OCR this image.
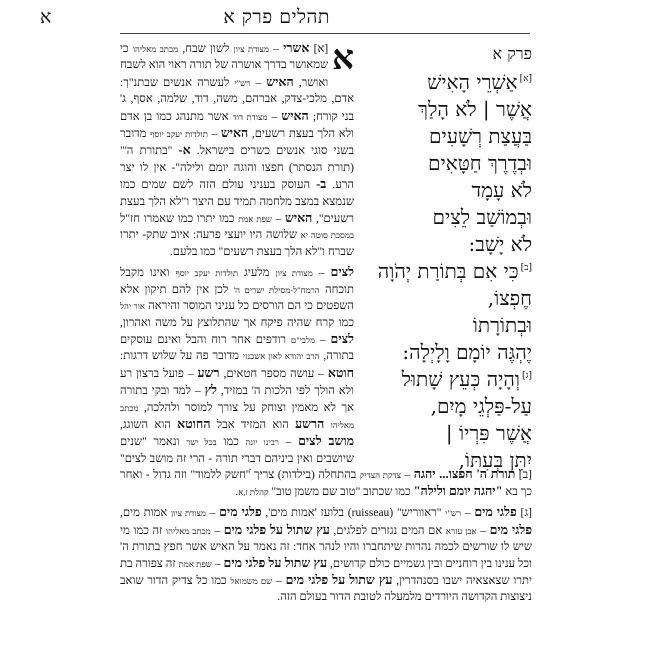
תהלים פרק א
א
פרק א
[א]אַשְׁרֵי הָאִישׁ
אֲשֶׁר | לֹא הָלַךְ
בַּעֲצַת רְשָׁעִים
וּבְדֶרֶךְ חַטָּאִים
לֹא עָמָד
וּבְמוֹשַׁב לֵצִים
לֹא יָשָׁב:
[ב]כִּי אִם בְּתוֹרַת יְהֹוָה
חֶפְצוֹ,
וּבְתוֹרָתוֹ
יֶהְגֶּה יוֹמָם וָלָיְלָה:
[ג]וְהָיָה כְּעֵץ שָׁתוּל
עַל-פַּלְגֵי מָיִם,
אֲשֶׁר פִּרְיוֹ |
יִתֵּן בְּעִתּוֹ,
א
[א] אשרי – מצודת ציון לשון שבח, מכתב מאליהו כי שמאושר בדרך אושרה של תורה ראוי הוא לשבח ואושר, האיש – רש"י לעשרה אנשים שבתנ"ך: אדם, מלכי-צדק, אברהם, משה, דוד, שלמה, אסף, ג' בני קורח; האיש – מצודת דוד אשר מתנהג כמו בן אדם ולא הלך בעצת רשעים, האיש – תולדות יעקב יוסף מדובר בשני סוגי אנשים כשרים בישראל. א- "בתורת ה'" (תורת הנסתר) חפצו והוגה יומם ולילה"- אין לו יצר הרע. ב- העוסק בעניני עולם הזה לשם שמים כמו שנמצא במצב מלחמה תמיד עם היצר ו"לא הלך בעצת רשעים", האיש – שפת אמת כמו יתרו כמו שאמרו חז"ל במסכת סוטה יא שלושה היו יועצי פרעה: איוב שתק- יתרו שברח ו"לא הלך בעצת רשעים" כמו בלעם.
לצים – מצודת ציון מלעיג תולדות יעקב יוסף ואינו מקבל תוכחה הרמח"ל-מסילת ישרים ה' לכן אין להם תיקון אלא השפטים כי הם הורסים כל עניני המוסר והיראה אור יהל כמו קרח שהיה פיקח אך שהתלוצץ על משה ואהרון, לצים – מלבי"ם רודפים אחר רוח והבל ואינם עוסקים בתורה, הרב יהודא לאון אשכנזי מדובר פה על שלוש דרגות: חוטא – עושה מספר חטאים, רשע – פועל ברצון רע ולא הולך לפי הלכות ה' במזיד, לץ – למד ובקי בתורה אך לא מאמין וצוחק על צורך למוסר ולהלכה, מכתב מאליהו הרשע הוא המזיד אבל החוטא הוא השוגג, מושב לצים – רבינו יונה כמו בכל ישר ונאמר "שנים שיושבים ואין ביניהם דברי תורה - הרי זה מושב לצים"
[ב] תורת ה' חפצו... יהגה – צדקת הצדיק בהתחלה (בילדות) צריך "חשק ללמוד" וזה גדול - ואחר כך בא "יהגה יומם ולילה" כמו שכתוב "טוב שם משמן טוב" קהלת ז,א.
[ג] פלגי מים – רש"י "ראווריש" (ruisseau) בלועז 'אמות מים', פלגי מים – מצודת ציון אמות מים, פלגי מים – אבן עזרא אם המים נגזרים לפלגים, עץ שתול על פלגי מים – מכתב מאליהו זה כמו מי שיש לו שורשים לכמה נהרות שיתחברו והיו לנהר אחד: זה נאמר על האיש אשר חפץ בתורת ה' וכל ענינו בין רוחניים ובין גשמיים כולם קדושים, עץ שתול על פלגי מים – שפת אמת זה צפורה בת יתרו שצאצאיה ישבו בסנהדרין, עץ שתול על פלגי מים – שם משמואל כמו כל צדיק הדור שואב ניצוצות הקדושה היורדים מלמעלה לטובת הדור בעולם הזה.
